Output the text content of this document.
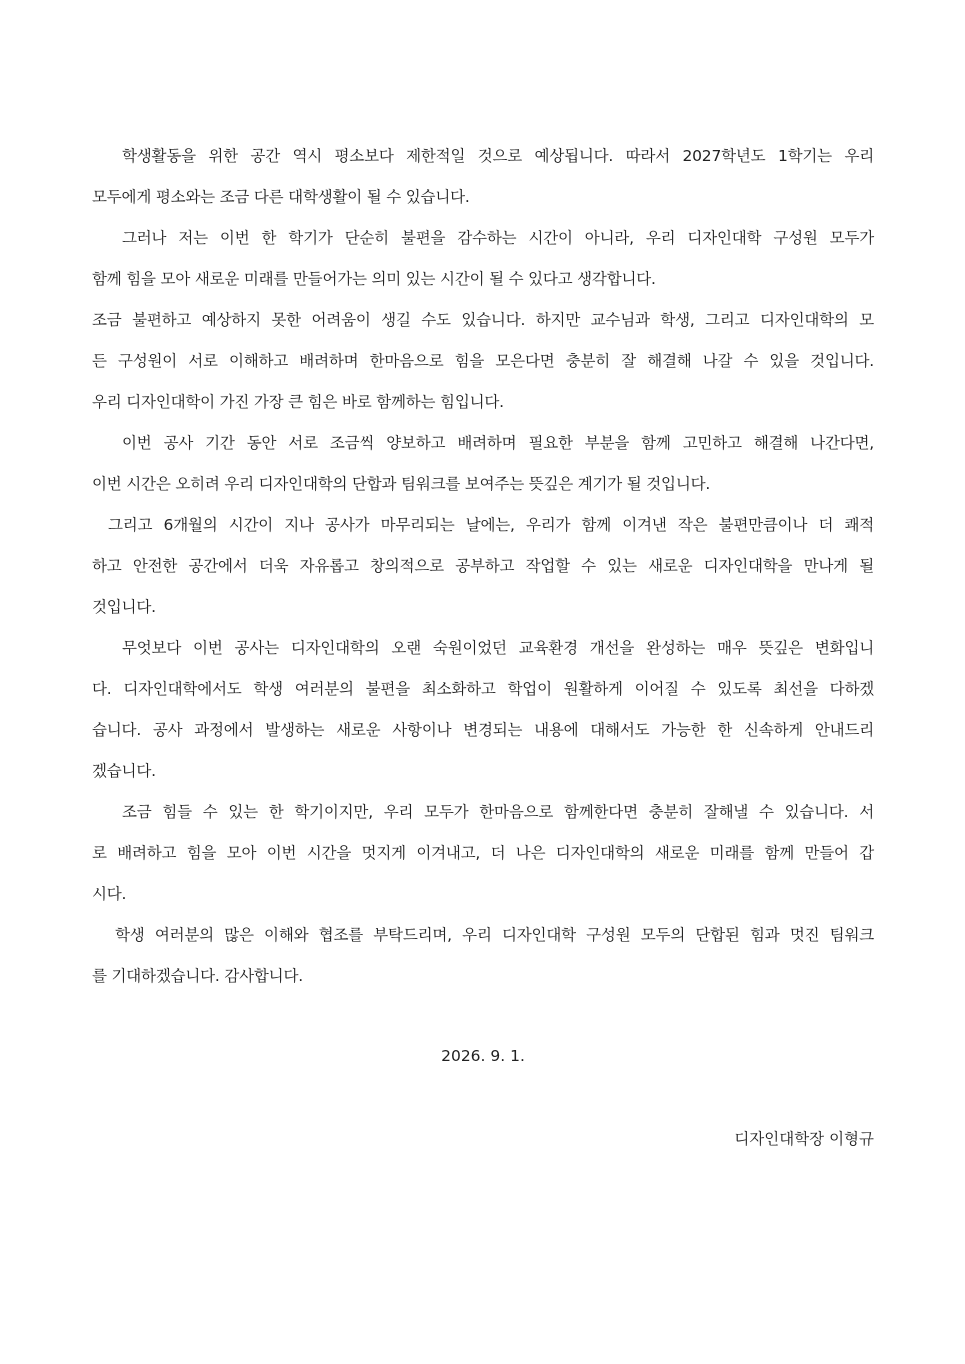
학생활동을 위한 공간 역시 평소보다 제한적일 것으로 예상됩니다. 따라서 2027학년도 1학기는 우리
모두에게 평소와는 조금 다른 대학생활이 될 수 있습니다.
그러나 저는 이번 한 학기가 단순히 불편을 감수하는 시간이 아니라, 우리 디자인대학 구성원 모두가
함께 힘을 모아 새로운 미래를 만들어가는 의미 있는 시간이 될 수 있다고 생각합니다.
조금 불편하고 예상하지 못한 어려움이 생길 수도 있습니다. 하지만 교수님과 학생, 그리고 디자인대학의 모
든 구성원이 서로 이해하고 배려하며 한마음으로 힘을 모은다면 충분히 잘 해결해 나갈 수 있을 것입니다.
우리 디자인대학이 가진 가장 큰 힘은 바로 함께하는 힘입니다.
이번 공사 기간 동안 서로 조금씩 양보하고 배려하며 필요한 부분을 함께 고민하고 해결해 나간다면,
이번 시간은 오히려 우리 디자인대학의 단합과 팀워크를 보여주는 뜻깊은 계기가 될 것입니다.
그리고 6개월의 시간이 지나 공사가 마무리되는 날에는, 우리가 함께 이겨낸 작은 불편만큼이나 더 쾌적
하고 안전한 공간에서 더욱 자유롭고 창의적으로 공부하고 작업할 수 있는 새로운 디자인대학을 만나게 될
것입니다.
무엇보다 이번 공사는 디자인대학의 오랜 숙원이었던 교육환경 개선을 완성하는 매우 뜻깊은 변화입니
다. 디자인대학에서도 학생 여러분의 불편을 최소화하고 학업이 원활하게 이어질 수 있도록 최선을 다하겠
습니다. 공사 과정에서 발생하는 새로운 사항이나 변경되는 내용에 대해서도 가능한 한 신속하게 안내드리
겠습니다.
조금 힘들 수 있는 한 학기이지만, 우리 모두가 한마음으로 함께한다면 충분히 잘해낼 수 있습니다. 서
로 배려하고 힘을 모아 이번 시간을 멋지게 이겨내고, 더 나은 디자인대학의 새로운 미래를 함께 만들어 갑
시다.
학생 여러분의 많은 이해와 협조를 부탁드리며, 우리 디자인대학 구성원 모두의 단합된 힘과 멋진 팀워크
를 기대하겠습니다. 감사합니다.
2026. 9. 1.
디자인대학장 이형규
